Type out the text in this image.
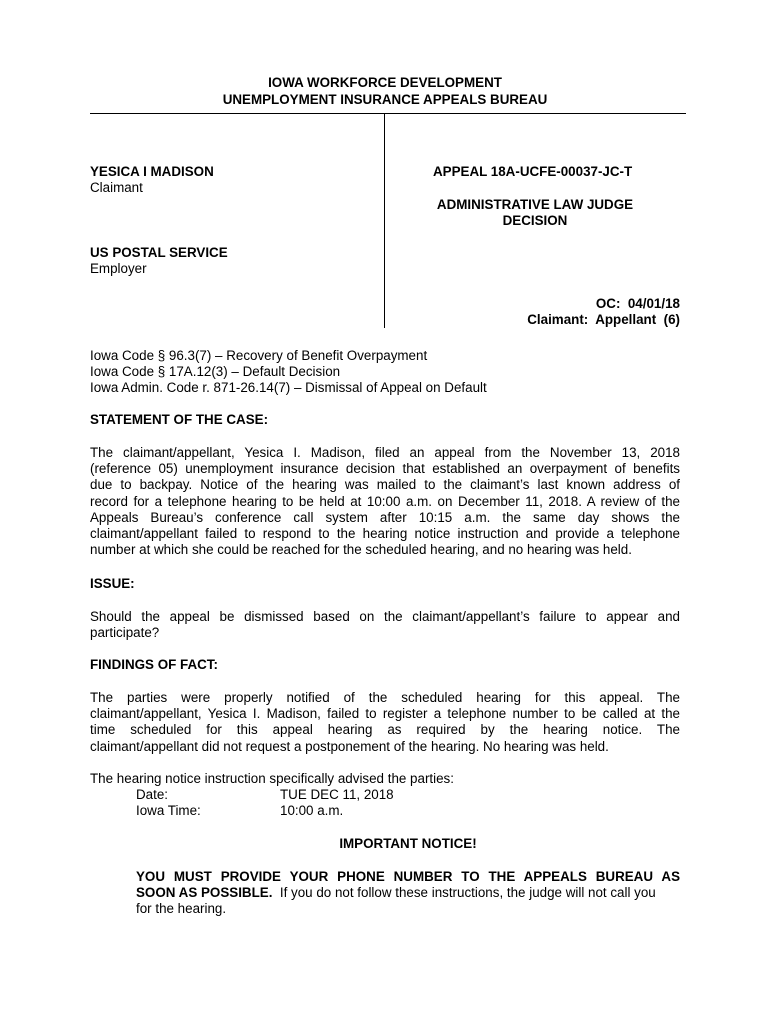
IOWA WORKFORCE DEVELOPMENT
UNEMPLOYMENT INSURANCE APPEALS BUREAU
YESICA I MADISON
Claimant
US POSTAL SERVICE
Employer
APPEAL 18A-UCFE-00037-JC-T
ADMINISTRATIVE LAW JUDGE
DECISION
OC:  04/01/18
Claimant:  Appellant  (6)
Iowa Code § 96.3(7) – Recovery of Benefit Overpayment
Iowa Code § 17A.12(3) – Default Decision
Iowa Admin. Code r. 871-26.14(7) – Dismissal of Appeal on Default
STATEMENT OF THE CASE:
The claimant/appellant, Yesica I. Madison, filed an appeal from the November 13, 2018
(reference 05) unemployment insurance decision that established an overpayment of benefits
due to backpay. Notice of the hearing was mailed to the claimant’s last known address of
record for a telephone hearing to be held at 10:00 a.m. on December 11, 2018. A review of the
Appeals Bureau’s conference call system after 10:15 a.m. the same day shows the
claimant/appellant failed to respond to the hearing notice instruction and provide a telephone
number at which she could be reached for the scheduled hearing, and no hearing was held.
ISSUE:
Should the appeal be dismissed based on the claimant/appellant’s failure to appear and
participate?
FINDINGS OF FACT:
The parties were properly notified of the scheduled hearing for this appeal. The
claimant/appellant, Yesica I. Madison, failed to register a telephone number to be called at the
time scheduled for this appeal hearing as required by the hearing notice. The
claimant/appellant did not request a postponement of the hearing. No hearing was held.
The hearing notice instruction specifically advised the parties:
Date:	TUE DEC 11, 2018
Iowa Time:	10:00 a.m.
IMPORTANT NOTICE!
YOU MUST PROVIDE YOUR PHONE NUMBER TO THE APPEALS BUREAU AS
SOON AS POSSIBLE.  If you do not follow these instructions, the judge will not call you
for the hearing.
